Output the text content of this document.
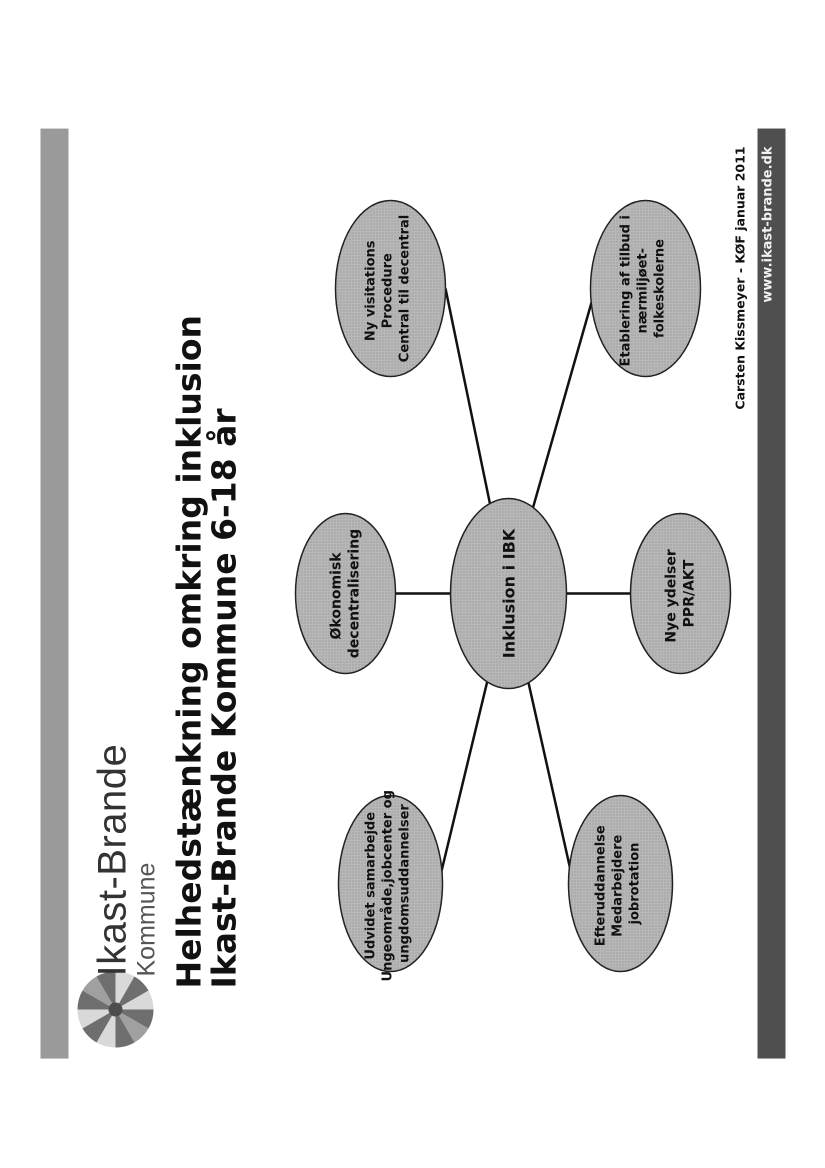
Ikast-Brande
Kommune Helhedstænkning omkring inklusion
Ikast-Brande Kommune 6-18 år	Udvidet samarbejde Ungeområde,jobcenter og ungdomsuddannelser	Efteruddannelse Medarbejdere jobrotation
Økonomisk decentralisering	Nye ydelser PPR/AKT
Ny visitations Procedure Central til decentral	Etablering af tilbud i nærmiljøet- folkeskolerne
Inklusion i IBK
Carsten Kissmeyer - KØF januar 2011 www.ikast-brande.dk
